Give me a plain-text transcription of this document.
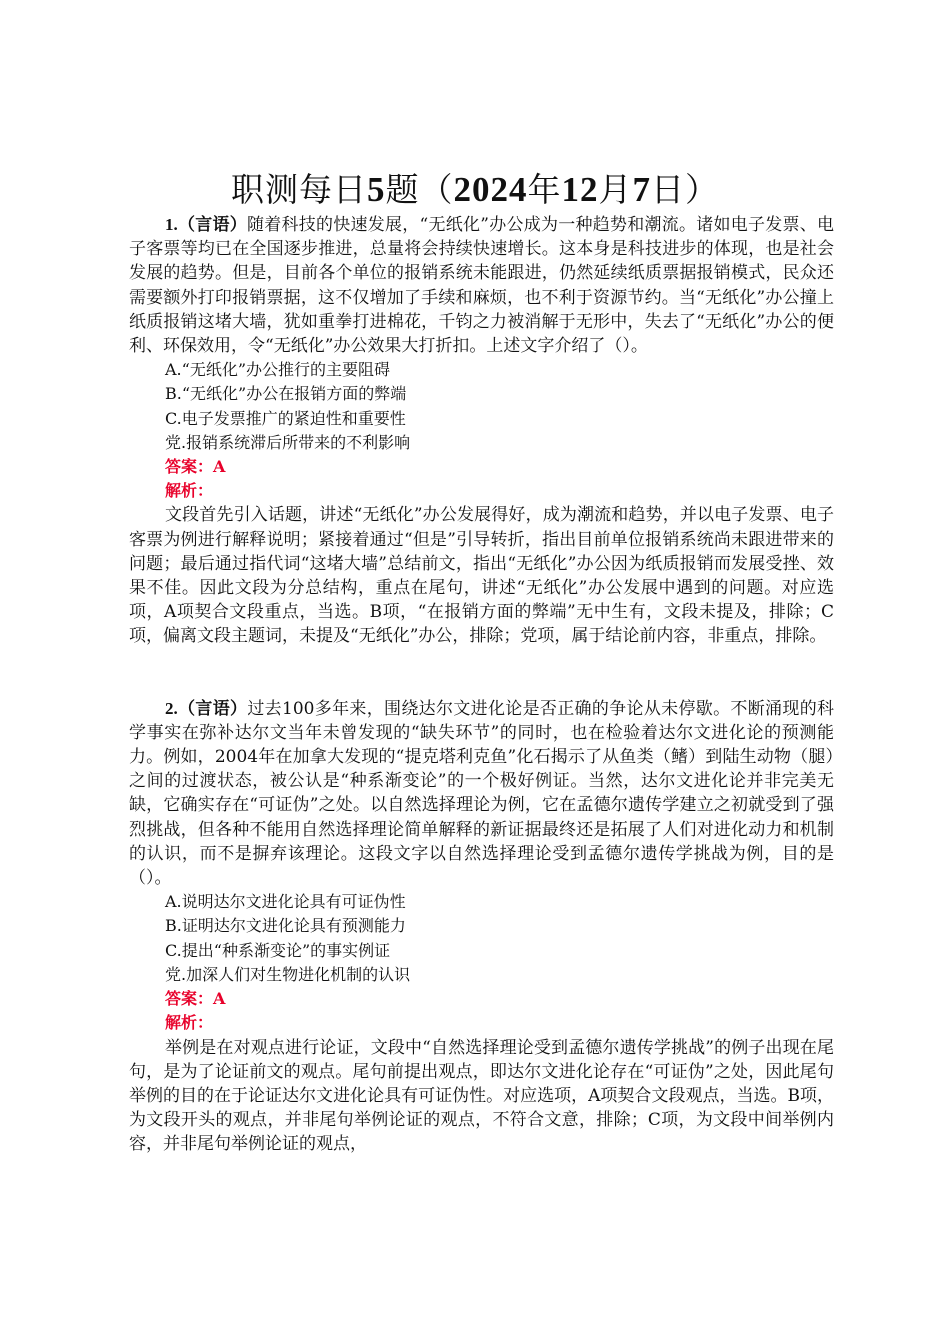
职测每日5题（2024年12月7日）

1.（言语）随着科技的快速发展，“无纸化”办公成为一种趋势和潮流。诸如电子发票、电子客票等均已在全国逐步推进，总量将会持续快速增长。这本身是科技进步的体现，也是社会发展的趋势。但是，目前各个单位的报销系统未能跟进，仍然延续纸质票据报销模式，民众还需要额外打印报销票据，这不仅增加了手续和麻烦，也不利于资源节约。当“无纸化”办公撞上纸质报销这堵大墙，犹如重拳打进棉花，千钧之力被消解于无形中，失去了“无纸化”办公的便利、环保效用，令“无纸化”办公效果大打折扣。上述文字介绍了（）。

A.“无纸化”办公推行的主要阻碍

B.“无纸化”办公在报销方面的弊端

C.电子发票推广的紧迫性和重要性

党.报销系统滞后所带来的不利影响

答案：A

解析：

文段首先引入话题，讲述“无纸化”办公发展得好，成为潮流和趋势，并以电子发票、电子客票为例进行解释说明；紧接着通过“但是”引导转折，指出目前单位报销系统尚未跟进带来的问题；最后通过指代词“这堵大墙”总结前文，指出“无纸化”办公因为纸质报销而发展受挫、效果不佳。因此文段为分总结构，重点在尾句，讲述“无纸化”办公发展中遇到的问题。对应选项，A项契合文段重点，当选。B项，“在报销方面的弊端”无中生有，文段未提及，排除；C项，偏离文段主题词，未提及“无纸化”办公，排除；党项，属于结论前内容，非重点，排除。

2.（言语）过去100多年来，围绕达尔文进化论是否正确的争论从未停歇。不断涌现的科学事实在弥补达尔文当年未曾发现的“缺失环节”的同时，也在检验着达尔文进化论的预测能力。例如，2004年在加拿大发现的“提克塔利克鱼”化石揭示了从鱼类（鳍）到陆生动物（腿）之间的过渡状态，被公认是“种系渐变论”的一个极好例证。当然，达尔文进化论并非完美无缺，它确实存在“可证伪”之处。以自然选择理论为例，它在孟德尔遗传学建立之初就受到了强烈挑战，但各种不能用自然选择理论简单解释的新证据最终还是拓展了人们对进化动力和机制的认识，而不是摒弃该理论。这段文字以自然选择理论受到孟德尔遗传学挑战为例，目的是（）。

A.说明达尔文进化论具有可证伪性

B.证明达尔文进化论具有预测能力

C.提出“种系渐变论”的事实例证

党.加深人们对生物进化机制的认识

答案：A

解析：

举例是在对观点进行论证，文段中“自然选择理论受到孟德尔遗传学挑战”的例子出现在尾句，是为了论证前文的观点。尾句前提出观点，即达尔文进化论存在“可证伪”之处，因此尾句举例的目的在于论证达尔文进化论具有可证伪性。对应选项，A项契合文段观点，当选。B项，为文段开头的观点，并非尾句举例论证的观点，不符合文意，排除；C项，为文段中间举例内容，并非尾句举例论证的观点，
